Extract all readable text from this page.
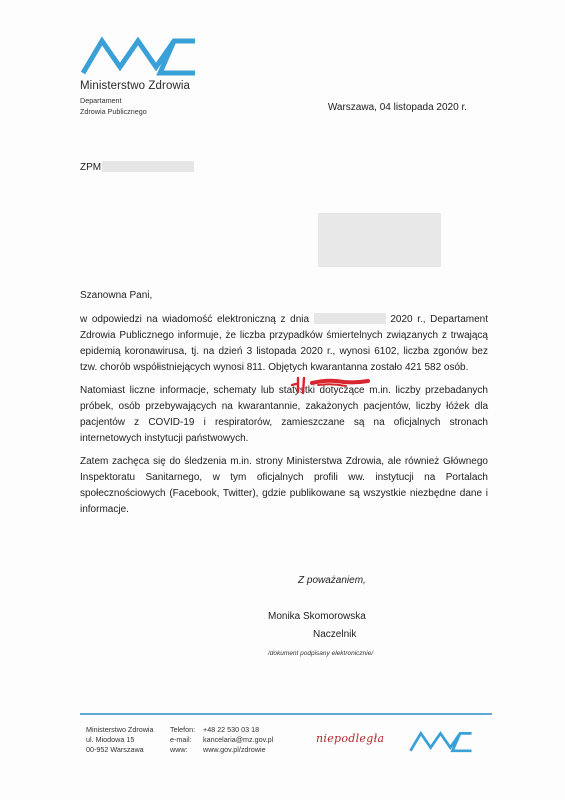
Ministerstwo Zdrowia
Departament
Zdrowia Publicznego	Warszawa, 04 listopada 2020 r.
ZPM
Szanowna Pani,

w odpowiedzi na wiadomość elektroniczną z dnia	2020 r., Departament Zdrowia Publicznego informuje, że liczba przypadków śmiertelnych związanych z trwającą epidemią koronawirusa, tj. na dzień 3 listopada 2020 r., wynosi 6102, liczba zgonów bez tzw. chorób współistniejących wynosi 811. Objętych kwarantanna zostało 421 582 osób.

Natomiast liczne informacje, schematy lub statystki dotyczące m.in. liczby przebadanych próbek, osób przebywających na kwarantannie, zakażonych pacjentów, liczby łóżek dla pacjentów z COVID-19 i respiratorów, zamieszczane są na oficjalnych stronach internetowych instytucji państwowych.

Zatem zachęca się do śledzenia m.in. strony Ministerstwa Zdrowia, ale również Głównego Inspektoratu Sanitarnego, w tym oficjalnych profili ww. instytucji na Portalach społecznościowych (Facebook, Twitter), gdzie publikowane są wszystkie niezbędne dane i informacje.

Z poważaniem,
Monika Skomorowska
Naczelnik
/dokument podpisany elektronicznie/
Ministerstwo Zdrowia
ul. Miodowa 15
00-952 Warszawa
Telefon:
e-mail:
www:
+48 22 530 03 18
kancelaria@mz.gov.pl
www.gov.pl/zdrowie
niepodległa
